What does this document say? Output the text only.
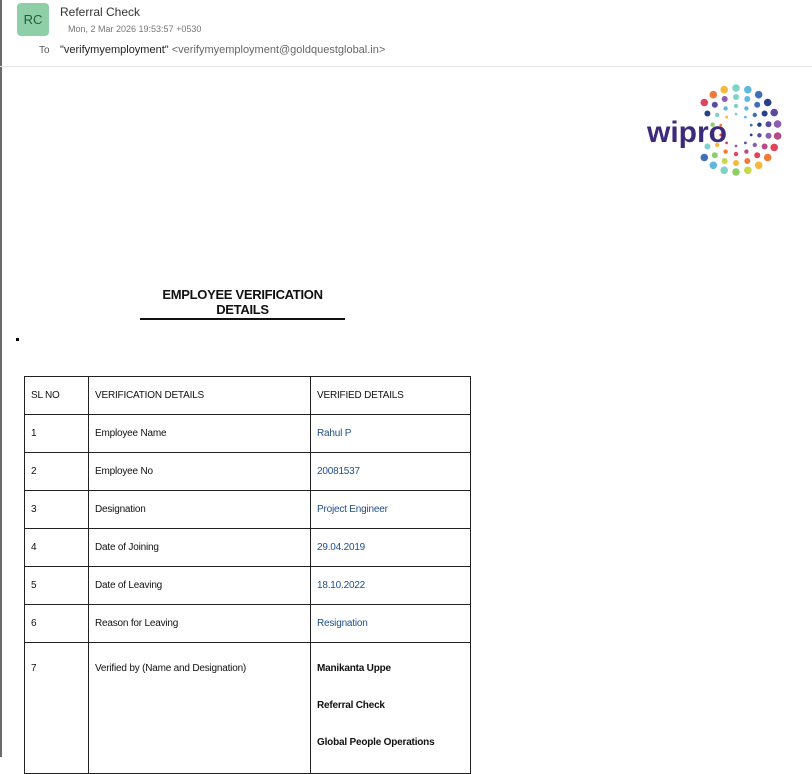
RC	Referral Check
Mon, 2 Mar 2026 19:53:57 +0530
To "verifymyemployment" <verifymyemployment@goldquestglobal.in>
wipro
EMPLOYEE VERIFICATION DETAILS
SL NO	VERIFICATION DETAILS	VERIFIED DETAILS
1	Employee Name	Rahul P
2	Employee No	20081537
3	Designation	Project Engineer
4	Date of Joining	29.04.2019
5	Date of Leaving	18.10.2022
6	Reason for Leaving	Resignation
7	Verified by (Name and Designation)	Manikanta Uppe
Referral Check
Global People Operations
